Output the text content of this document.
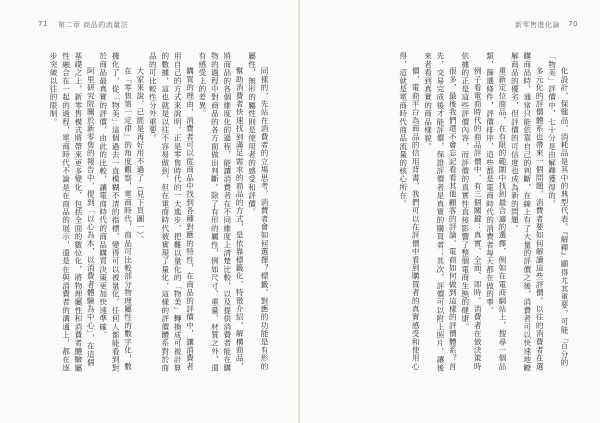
71 第二章 商品的流量法

同樣的，先站在消費者的立場思考，消費者會如何選擇？標籤，對應的功能是有形的屬性，無形的屬性則是使用者的感受和評價。

幫助消費者快速找到滿足需求的商品的方式，是依靠標籤化，特徵介紹，解構商品，將商品的各個維度化的過程，能讓消費者在不同維度上清楚比較，以及提供消費者能在購物的過程中對商品的各方面做出判斷。除了有形的屬性，例如尺寸、重量、材質之外，還有感受上的差異。

購買的理由，消費者可以從商品中找到各種對應的特性，在商品的評價中，讓消費者用自己的方式來說明，正是零售時代的一大進步，把難以量化的「物美」轉換成可被計算的數據，這也就是以往不容易做到，但在電商時代被實現了量化，這樣的評價體系對於商品的可比較性分外重要。

大家來說，已經是再好用不過了（見下頁圖一）。

在「零售第一定律」的角度觀察，電商時代，商品可比較部分物理屬性的數字化，數據化了，從「物美」這個過去一直模糊不清的指標，變得可以被量化。任何人都能看到對於商品最真實的評價，由此的比較，讓電商時代的商品購買決策更加快速準確。

阿里研究院關於新零售的報告中，提到「以心為本，以消費者體驗為中心」，在這個基礎之上，新零售模式將帶來更多變化，包括全面的數位化，將物理屬性和消費者體驗屬性融合在一起的過程，電商時代不論是在商品的展示，還是在與消費者的溝通上，都在逐步突破以往的限制。

新零售進化論 70

化設計，保健品，消耗品是其中的典型代表。『解釋』顯得尤其重要，可能「百分的「物美」評價中，七十分是由解釋獲得的。

多元化的評價體系也帶來一個問題，消費者要如何解讀這些評價。以往的消費者在選購商品時，通常只能依靠自己的判斷，在線上有了大量的評價之後，消費者可以快速地瞭解商品的優劣，但評價的可信度也成為新的問題。

重新定位商品，在有限的範圍中找到最合適的選擇，例如在電商網站上，搜尋一個品類，篩選條件，評價排序，這些都是電商時代的消費者每天都在做的事。

例子看電商時代的商品評價中，有三個關鍵：真實、全面、即時。消費者在做決策時依據的正是這些評價內容，而評價的真實性直接影響了整個電商生態的健康。

很多，最後我們還不會忘記看看其他顧客的評論。電商如何做到這樣的評價體系？首先，交易完成後才能評價，保證評價者是真實的購買者；其次，評價可以附上照片，讓後來者看到真實的商品樣貌。

價，電商平台為商品的信用背書，我們可以在評價中看到購買者的真實感受和使用心得，這就是電商時代商品流量的核心所在。
